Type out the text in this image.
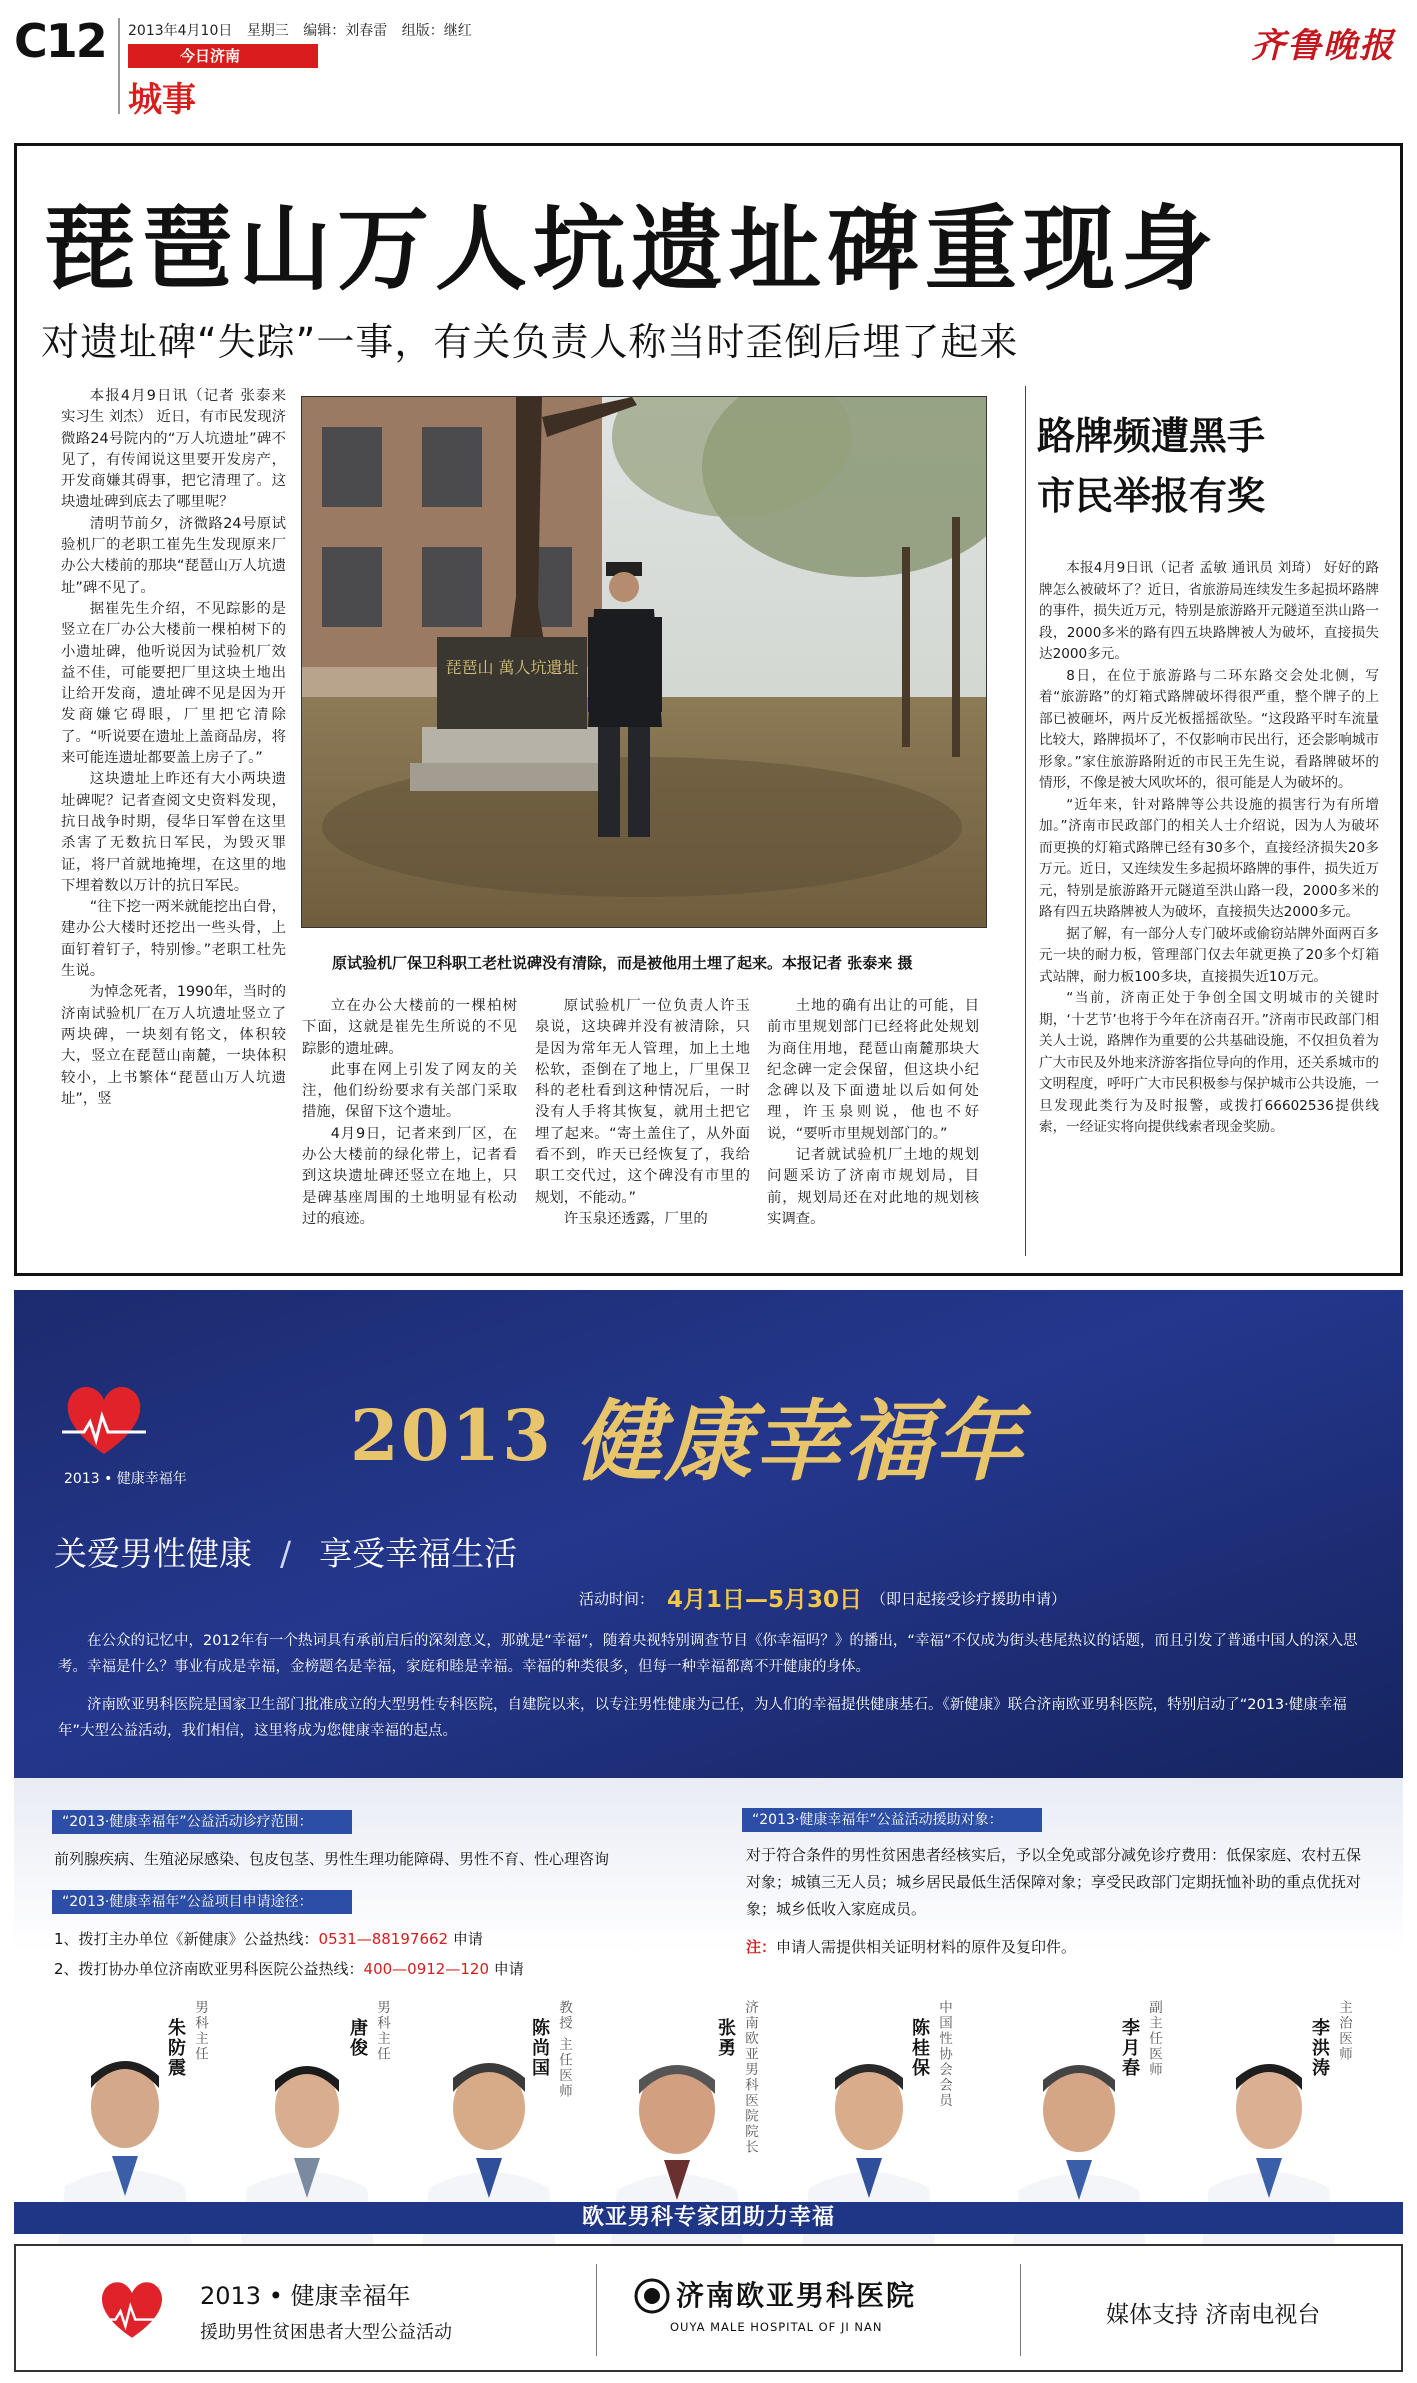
C12 2013年4月10日 星期三 编辑：刘春雷 组版：继红
今日济南
城事
齐鲁晚报
琵琶山万人坑遗址碑重现身
对遗址碑“失踪”一事，有关负责人称当时歪倒后埋了起来

本报4月9日讯（记者 张泰来 实习生 刘杰） 近日，有市民发现济微路24号院内的“万人坑遗址”碑不见了，有传闻说这里要开发房产，开发商嫌其碍事，把它清理了。这块遗址碑到底去了哪里呢？

清明节前夕，济微路24号原试验机厂的老职工崔先生发现原来厂办公大楼前的那块“琵琶山万人坑遗址”碑不见了。

据崔先生介绍，不见踪影的是竖立在厂办公大楼前一棵柏树下的小遗址碑，他听说因为试验机厂效益不佳，可能要把厂里这块土地出让给开发商，遗址碑不见是因为开发商嫌它碍眼，厂里把它清除了。“听说要在遗址上盖商品房，将来可能连遗址都要盖上房子了。”

这块遗址上昨还有大小两块遗址碑呢？记者查阅文史资料发现，抗日战争时期，侵华日军曾在这里杀害了无数抗日军民，为毁灭罪证，将尸首就地掩埋，在这里的地下埋着数以万计的抗日军民。

“往下挖一两米就能挖出白骨，建办公大楼时还挖出一些头骨，上面钉着钉子，特别惨。”老职工杜先生说。

为悼念死者，1990年，当时的济南试验机厂在万人坑遗址竖立了两块碑，一块刻有铭文，体积较大，竖立在琵琶山南麓，一块体积较小，上书繁体“琵琶山万人坑遗址”，竖

琵琶山 萬人坑遺址
原试验机厂保卫科职工老杜说碑没有清除，而是被他用土埋了起来。本报记者 张泰来 摄

立在办公大楼前的一棵柏树下面，这就是崔先生所说的不见踪影的遗址碑。

此事在网上引发了网友的关注，他们纷纷要求有关部门采取措施，保留下这个遗址。

4月9日，记者来到厂区，在办公大楼前的绿化带上，记者看到这块遗址碑还竖立在地上，只是碑基座周围的土地明显有松动过的痕迹。

原试验机厂一位负责人许玉泉说，这块碑并没有被清除，只是因为常年无人管理，加上土地松软，歪倒在了地上，厂里保卫科的老杜看到这种情况后，一时没有人手将其恢复，就用土把它埋了起来。“寄土盖住了，从外面看不到，昨天已经恢复了，我给职工交代过，这个碑没有市里的规划，不能动。”

许玉泉还透露，厂里的

土地的确有出让的可能，目前市里规划部门已经将此处规划为商住用地，琵琶山南麓那块大纪念碑一定会保留，但这块小纪念碑以及下面遗址以后如何处理，许玉泉则说，他也不好说，“要听市里规划部门的。”

记者就试验机厂土地的规划问题采访了济南市规划局，目前，规划局还在对此地的规划核实调查。

路牌频遭黑手
市民举报有奖

本报4月9日讯（记者 孟敏 通讯员 刘琦） 好好的路牌怎么被破坏了？近日，省旅游局连续发生多起损坏路牌的事件，损失近万元，特别是旅游路开元隧道至洪山路一段，2000多米的路有四五块路牌被人为破坏，直接损失达2000多元。

8日，在位于旅游路与二环东路交会处北侧，写着“旅游路”的灯箱式路牌破坏得很严重，整个牌子的上部已被砸坏，两片反光板摇摇欲坠。“这段路平时车流量比较大，路牌损坏了，不仅影响市民出行，还会影响城市形象。”家住旅游路附近的市民王先生说，看路牌破坏的情形，不像是被大风吹坏的，很可能是人为破坏的。

“近年来，针对路牌等公共设施的损害行为有所增加。”济南市民政部门的相关人士介绍说，因为人为破坏而更换的灯箱式路牌已经有30多个，直接经济损失20多万元。近日，又连续发生多起损坏路牌的事件，损失近万元，特别是旅游路开元隧道至洪山路一段，2000多米的路有四五块路牌被人为破坏，直接损失达2000多元。

据了解，有一部分人专门破坏或偷窃站牌外面两百多元一块的耐力板，管理部门仅去年就更换了20多个灯箱式站牌，耐力板100多块，直接损失近10万元。

“当前，济南正处于争创全国文明城市的关键时期，‘十艺节’也将于今年在济南召开。”济南市民政部门相关人士说，路牌作为重要的公共基础设施，不仅担负着为广大市民及外地来济游客指位导向的作用，还关系城市的文明程度，呼吁广大市民积极参与保护城市公共设施，一旦发现此类行为及时报警，或拨打66602536提供线索，一经证实将向提供线索者现金奖励。

2013 • 健康幸福年
2013 健康幸福年
关爱男性健康 / 享受幸福生活
活动时间： 4月1日—5月30日 （即日起接受诊疗援助申请）
在公众的记忆中，2012年有一个热词具有承前启后的深刻意义，那就是“幸福”，随着央视特别调查节目《你幸福吗？》的播出，“幸福”不仅成为街头巷尾热议的话题，而且引发了普通中国人的深入思考。幸福是什么？事业有成是幸福，金榜题名是幸福，家庭和睦是幸福。幸福的种类很多，但每一种幸福都离不开健康的身体。
济南欧亚男科医院是国家卫生部门批准成立的大型男性专科医院，自建院以来，以专注男性健康为己任，为人们的幸福提供健康基石。《新健康》联合济南欧亚男科医院，特别启动了“2013·健康幸福年”大型公益活动，我们相信，这里将成为您健康幸福的起点。
“2013·健康幸福年”公益活动诊疗范围：
前列腺疾病、生殖泌尿感染、包皮包茎、男性生理功能障碍、男性不育、性心理咨询
“2013·健康幸福年”公益项目申请途径：
1、拨打主办单位《新健康》公益热线：0531—88197662 申请
2、拨打协办单位济南欧亚男科医院公益热线：400—0912—120 申请
“2013·健康幸福年”公益活动援助对象：
对于符合条件的男性贫困患者经核实后，予以全免或部分减免诊疗费用：低保家庭、农村五保对象；城镇三无人员；城乡居民最低生活保障对象；享受民政部门定期抚恤补助的重点优抚对象；城乡低收入家庭成员。
注：申请人需提供相关证明材料的原件及复印件。
朱防震 男科主任	唐俊 男科主任	陈尚国 教授 主任医师	张勇 济南欧亚男科医院院长	陈桂保 中国性协会会员	李月春 副主任医师	李洪涛 主治医师
欧亚男科专家团助力幸福
2013 • 健康幸福年
援助男性贫困患者大型公益活动
济南欧亚男科医院
OUYA MALE HOSPITAL OF JI NAN	媒体支持 济南电视台
